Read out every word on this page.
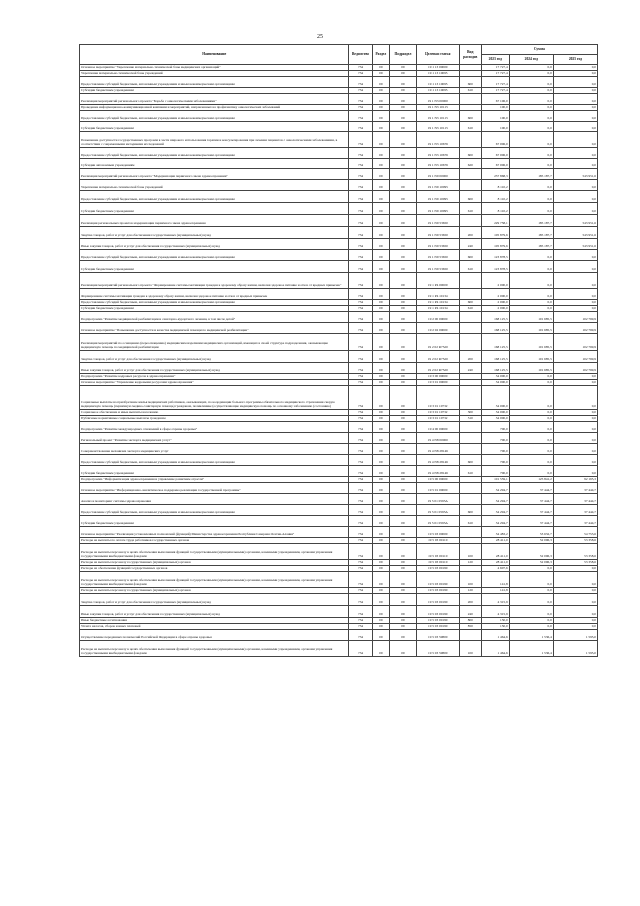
25
Наименование	Ведомство	Раздел	Подраздел	Целевая статья	Вид расходов	Сумма		
						2023 год	2024 год	2025 год
Основное мероприятие "Укрепление материально-технической базы медицинских организаций"	734	09	09	19 1 13 00000		17 727,4	0,0	0,0
Укрепление материально-технической базы учреждений	734	09	09	19 1 13 10095		17 727,4	0,0	0,0
Предоставление субсидий бюджетным, автономным учреждениям и иным некоммерческим организациям	734	09	09	19 1 13 10095	600	17 727,4	0,0	0,0
Субсидии бюджетным учреждениям	734	09	09	19 1 13 10095	610	17 727,4	0,0	0,0
Реализация мероприятий регионального проекта "Борьба с онкологическими заболеваниями"	734	09	09	19 1 N3 00000		67 106,0	0,0	0,0
Проведение информационно-коммуникационной кампании и мероприятий, направленных на профилактику онкологических заболеваний	734	09	09	19 1 N3 10115		100,0	0,0	0,0
Предоставление субсидий бюджетным, автономным учреждениям и иным некоммерческим организациям	734	09	09	19 1 N3 10115	600	100,0	0,0	0,0
Субсидии бюджетным учреждениям	734	09	09	19 1 N3 10115	610	100,0	0,0	0,0
Повышение доступности государственных программ в части широкого использования терапии и консультирования при лечении пациентов с онкологическими заболеваниями, в соответствии с современными методиками исследований	734	09	09	19 1 N3 10676		67 006,0	0,0	0,0
Предоставление субсидий бюджетным, автономным учреждениям и иным некоммерческим организациям	734	09	09	19 1 N3 10676	600	67 006,0	0,0	0,0
Субсидии автономным учреждениям	734	09	09	19 1 N3 10676	620	67 006,0	0,0	0,0
Реализация мероприятий регионального проекта "Модернизация первичного звена здравоохранения"	734	09	09	19 1 N9 00000		237 868,3	185 187,7	543 951,6
Укрепление материально-технической базы учреждений	734	09	09	19 1 N9 10095		8 110,2	0,0	0,0
Предоставление субсидий бюджетным, автономным учреждениям и иным некоммерческим организациям	734	09	09	19 1 N9 10095	600	8 110,2	0,0	0,0
Субсидии бюджетным учреждениям	734	09	09	19 1 N9 10095	610	8 110,2	0,0	0,0
Реализация региональных проектов модернизации первичного звена здравоохранения	734	09	09	19 1 N9 53650		229 758,1	185 187,7	543 951,6
Закупка товаров, работ и услуг для обеспечения государственных (муниципальных) нужд	734	09	09	19 1 N9 53650	200	105 879,6	185 187,7	543 951,6
Иные закупки товаров, работ и услуг для обеспечения государственных (муниципальных) нужд	734	09	09	19 1 N9 53650	240	105 879,6	185 187,7	543 951,6
Предоставление субсидий бюджетным, автономным учреждениям и иным некоммерческим организациям	734	09	09	19 1 N9 53650	600	123 878,5	0,0	0,0
Субсидии бюджетным учреждениям	734	09	09	19 1 N9 53650	610	123 878,5	0,0	0,0
Реализация мероприятий регионального проекта "Формирование системы мотивации граждан к здоровому образу жизни, включая здоровое питание и отказ от вредных привычек"	734	09	09	19 1 P4 00000		2 000,0	0,0	0,0
Формирование системы мотивации граждан к здоровому образу жизни, включая здоровое питание и отказ от вредных привычек	734	09	09	19 1 P4 10134		2 000,0	0,0	0,0
Предоставление субсидий бюджетным, автономным учреждениям и иным некоммерческим организациям	734	09	09	19 1 P4 10134	600	2 000,0	0,0	0,0
Субсидии бюджетным учреждениям	734	09	09	19 1 P4 10134	610	2 000,0	0,0	0,0
Подпрограмма "Развитие медицинской реабилитации и санаторно-курортного лечения, в том числе детей"	734	09	09	19 2 00 00000		168 125,5	101 685,5	102 769,9
Основное мероприятие "Повышение доступности и качества медицинской помощи по медицинской реабилитации"	734	09	09	19 2 02 00000		168 125,5	101 685,5	102 769,9
Реализация мероприятий по оснащению (переоснащению) медицинским изделиями медицинских организаций, имеющих в своей структуре подразделения, оказывающие медицинскую помощь по медицинской реабилитации	734	09	09	19 2 02 R7520		168 125,5	101 685,5	102 769,9
Закупка товаров, работ и услуг для обеспечения государственных (муниципальных) нужд	734	09	09	19 2 02 R7520	200	168 125,5	101 685,5	102 769,9
Иные закупки товаров, работ и услуг для обеспечения государственных (муниципальных) нужд	734	09	09	19 2 02 R7520	240	168 125,5	101 685,5	102 769,9
Подпрограмма "Развитие кадровых ресурсов в здравоохранении"	734	09	09	19 3 00 00000		34 000,0	0,0	0,0
Основное мероприятие "Управление кадровыми ресурсами здравоохранения"	734	09	09	19 3 01 00000		34 000,0	0,0	0,0
Социальные выплаты на приобретение жилья медицинских работников, оказывающих, по координации больного программы обязательного медицинского страхования скорую медицинскую помощь (первичную медико-санитарную помощь) гражданам, поликлинике (осуществляющие медицинскую помощь по основному заболеванию (состоянию)	734	09	09	19 3 01 10732		34 000,0	0,0	0,0
Социальное обеспечение и иные выплаты населению	734	09	09	19 3 01 10732	300	34 000,0	0,0	0,0
Публичные нормативные социальные выплаты гражданам	734	09	09	19 3 01 10732	310	34 000,0	0,0	0,0
Подпрограмма "Развитие международных отношений в сфере охраны здоровья"	734	09	09	19 4 00 00000		700,0	0,0	0,0
Региональный проект "Развитие экспорта медицинских услуг"	734	09	09	19 4 N8 00000		700,0	0,0	0,0
Совершенствование механизма экспорта медицинских услуг	734	09	09	19 4 N8 28146		700,0	0,0	0,0
Предоставление субсидий бюджетным, автономным учреждениям и иным некоммерческим организациям	734	09	09	19 4 N8 28146	600	700,0	0,0	0,0
Субсидии бюджетным учреждениям	734	09	09	19 4 N8 28146	610	700,0	0,0	0,0
Подпрограмма "Информатизация здравоохранения и управление развитием отрасли"	734	09	09	19 5 00 00000		101 559,1	125 841,2	92 195,3
Основное мероприятие "Информационно-аналитическое поддержка реализации государственной программы"	734	09	09	19 5 01 00000		34 294,7	37 444,7	37 444,7
Анализ и мониторинг системы здравоохранения	734	09	09	19 5 01 0593A		34 294,7	37 444,7	37 444,7
Предоставление субсидий бюджетным, автономным учреждениям и иным некоммерческим организациям	734	09	09	19 5 01 0593A	600	34 294,7	37 444,7	37 444,7
Субсидии бюджетным учреждениям	734	09	09	19 5 01 0593A	610	34 294,7	37 444,7	37 444,7
Основное мероприятие "Реализация установленных полномочий (функций) Министерства здравоохранения Республики Северная Осетия-Алания"	734	09	09	19 5 03 00000		34 483,2	53 632,7	54 753,6
Расходы на выплаты по оплате труда работников государственных органов	734	09	09	19 5 03 00110		28 411,0	52 096,3	53 358,6
Расходы на выплаты персоналу в целях обеспечения выполнения функций государственными (муниципальными) органами, казенными учреждениями, органами управления государственными внебюджетными фондами	734	09	09	19 5 03 00110	100	28 411,0	52 096,3	53 358,6
Расходы на выплаты персоналу государственных (муниципальных) органов	734	09	09	19 5 03 00110	120	28 411,0	52 096,3	53 358,6
Расходы на обеспечение функций государственных органов	734	09	09	19 5 03 00190		4 607,6	0,0	0,0
Расходы на выплаты персоналу в целях обеспечения выполнения функций государственными (муниципальными) органами, казенными учреждениями, органами управления государственными внебюджетными фондами	734	09	09	19 5 03 00190	100	141,8	0,0	0,0
Расходы на выплаты персоналу государственных (муниципальных) органов	734	09	09	19 5 03 00190	120	141,8	0,0	0,0
Закупка товаров, работ и услуг для обеспечения государственных (муниципальных) нужд	734	09	09	19 5 03 00190	200	4 315,9	0,0	0,0
Иные закупки товаров, работ и услуг для обеспечения государственных (муниципальных) нужд	734	09	09	19 5 03 00190	240	4 315,9	0,0	0,0
Иные бюджетные ассигнования	734	09	09	19 5 03 00190	800	150,0	0,0	0,0
Уплата налогов, сборов и иных платежей	734	09	09	19 5 03 00190	850	150,0	0,0	0,0
Осуществление переданных полномочий Российской Федерации в сфере охраны здоровья	734	09	09	19 5 03 59800		1 464,6	1 536,4	1 595,0
Расходы на выплаты персоналу в целях обеспечения выполнения функций государственными (муниципальными) органами, казенными учреждениями, органами управления государственными внебюджетными фондами	734	09	09	19 5 03 59800	100	1 464,6	1 536,4	1 595,0
